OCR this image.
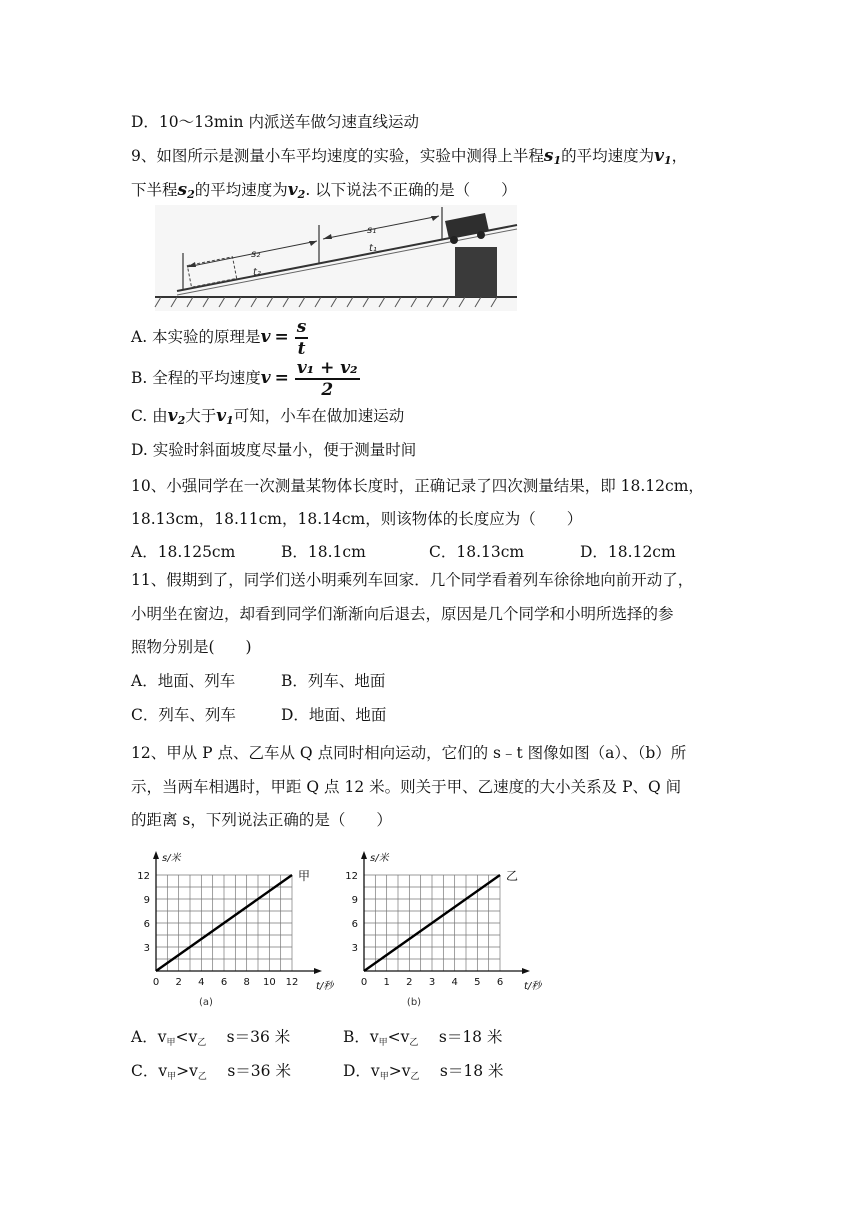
D．10～13min 内派送车做匀速直线运动
9、如图所示是测量小车平均速度的实验，实验中测得上半程$s_1$的平均速度为$v_1$，
下半程$s_2$的平均速度为$v_2$. 以下说法不正确的是（　　）
s₂
t₂
s₁
t₁
A. 本实验的原理是$v = \frac{s}{t}$
B. 全程的平均速度$v = \frac{\text{v₁ + v₂}}{2}$
C. 由$v_2$大于$v_1$可知，小车在做加速运动
D. 实验时斜面坡度尽量小，便于测量时间
10、小强同学在一次测量某物体长度时，正确记录了四次测量结果，即 18.12cm，
18.13cm，18.11cm，18.14cm，则该物体的长度应为（　　）
A．18.125cm	B．18.1cm	C．18.13cm	D．18.12cm
11、假期到了，同学们送小明乘列车回家．几个同学看着列车徐徐地向前开动了，
小明坐在窗边，却看到同学们渐渐向后退去，原因是几个同学和小明所选择的参
照物分别是(　　)
A．地面、列车	B．列车、地面
C．列车、列车	D．地面、地面
12、甲从 P 点、乙车从 Q 点同时相向运动，它们的 s﹣t 图像如图（a）、（b）所
示，当两车相遇时，甲距 Q 点 12 米。则关于甲、乙速度的大小关系及 P、Q 间
的距离 s，下列说法正确的是（　　）
0 2 4 6 8 10 12
3
6
9
12
t/秒
s/米
甲
(a)
0 1 2 3 4 5 6
3
6
9
12
t/秒
s/米
乙
(b)
A．v甲<v乙　 s＝36 米	B．v甲<v乙　 s＝18 米
C．v甲>v乙　 s＝36 米	D．v甲>v乙　 s＝18 米
